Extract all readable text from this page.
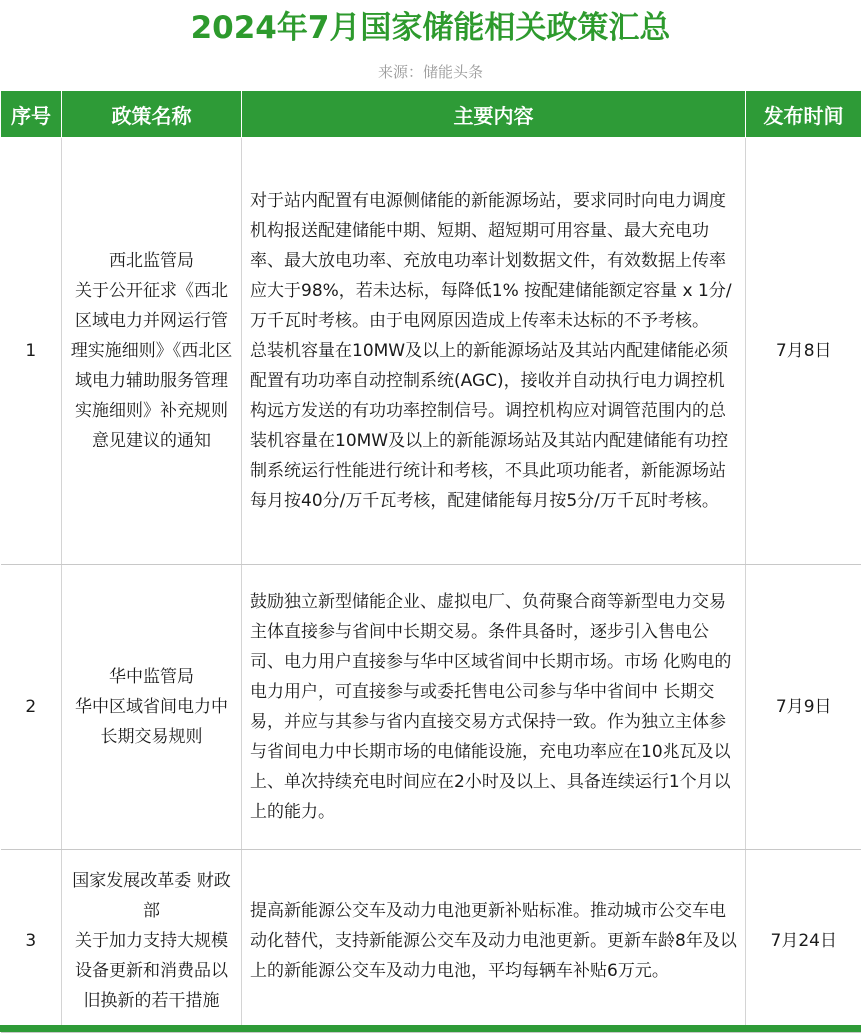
2024年7月国家储能相关政策汇总
来源：储能头条
序号	政策名称	主要内容	发布时间
1	西北监管局
关于公开征求《西北区域电力并网运行管理实施细则》《西北区域电力辅助服务管理实施细则》补充规则意见建议的通知	对于站内配置有电源侧储能的新能源场站，要求同时向电力调度机构报送配建储能中期、短期、超短期可用容量、最大充电功率、最大放电功率、充放电功率计划数据文件，有效数据上传率应大于98%，若未达标，每降低1% 按配建储能额定容量 x 1分/万千瓦时考核。由于电网原因造成上传率未达标的不予考核。
总装机容量在10MW及以上的新能源场站及其站内配建储能必须配置有功功率自动控制系统(AGC)，接收并自动执行电力调控机构远方发送的有功功率控制信号。调控机构应对调管范围内的总装机容量在10MW及以上的新能源场站及其站内配建储能有功控制系统运行性能进行统计和考核，不具此项功能者，新能源场站每月按40分/万千瓦考核，配建储能每月按5分/万千瓦时考核。	7月8日
2	华中监管局
华中区域省间电力中长期交易规则	鼓励独立新型储能企业、虚拟电厂、负荷聚合商等新型电力交易主体直接参与省间中长期交易。条件具备时，逐步引入售电公司、电力用户直接参与华中区域省间中长期市场。市场 化购电的电力用户，可直接参与或委托售电公司参与华中省间中 长期交易，并应与其参与省内直接交易方式保持一致。作为独立主体参与省间电力中长期市场的电储能设施，充电功率应在10兆瓦及以上、单次持续充电时间应在2小时及以上、具备连续运行1个月以上的能力。	7月9日
3	国家发展改革委 财政部
关于加力支持大规模设备更新和消费品以旧换新的若干措施	提高新能源公交车及动力电池更新补贴标准。推动城市公交车电动化替代，支持新能源公交车及动力电池更新。更新车龄8年及以上的新能源公交车及动力电池，平均每辆车补贴6万元。	7月24日
